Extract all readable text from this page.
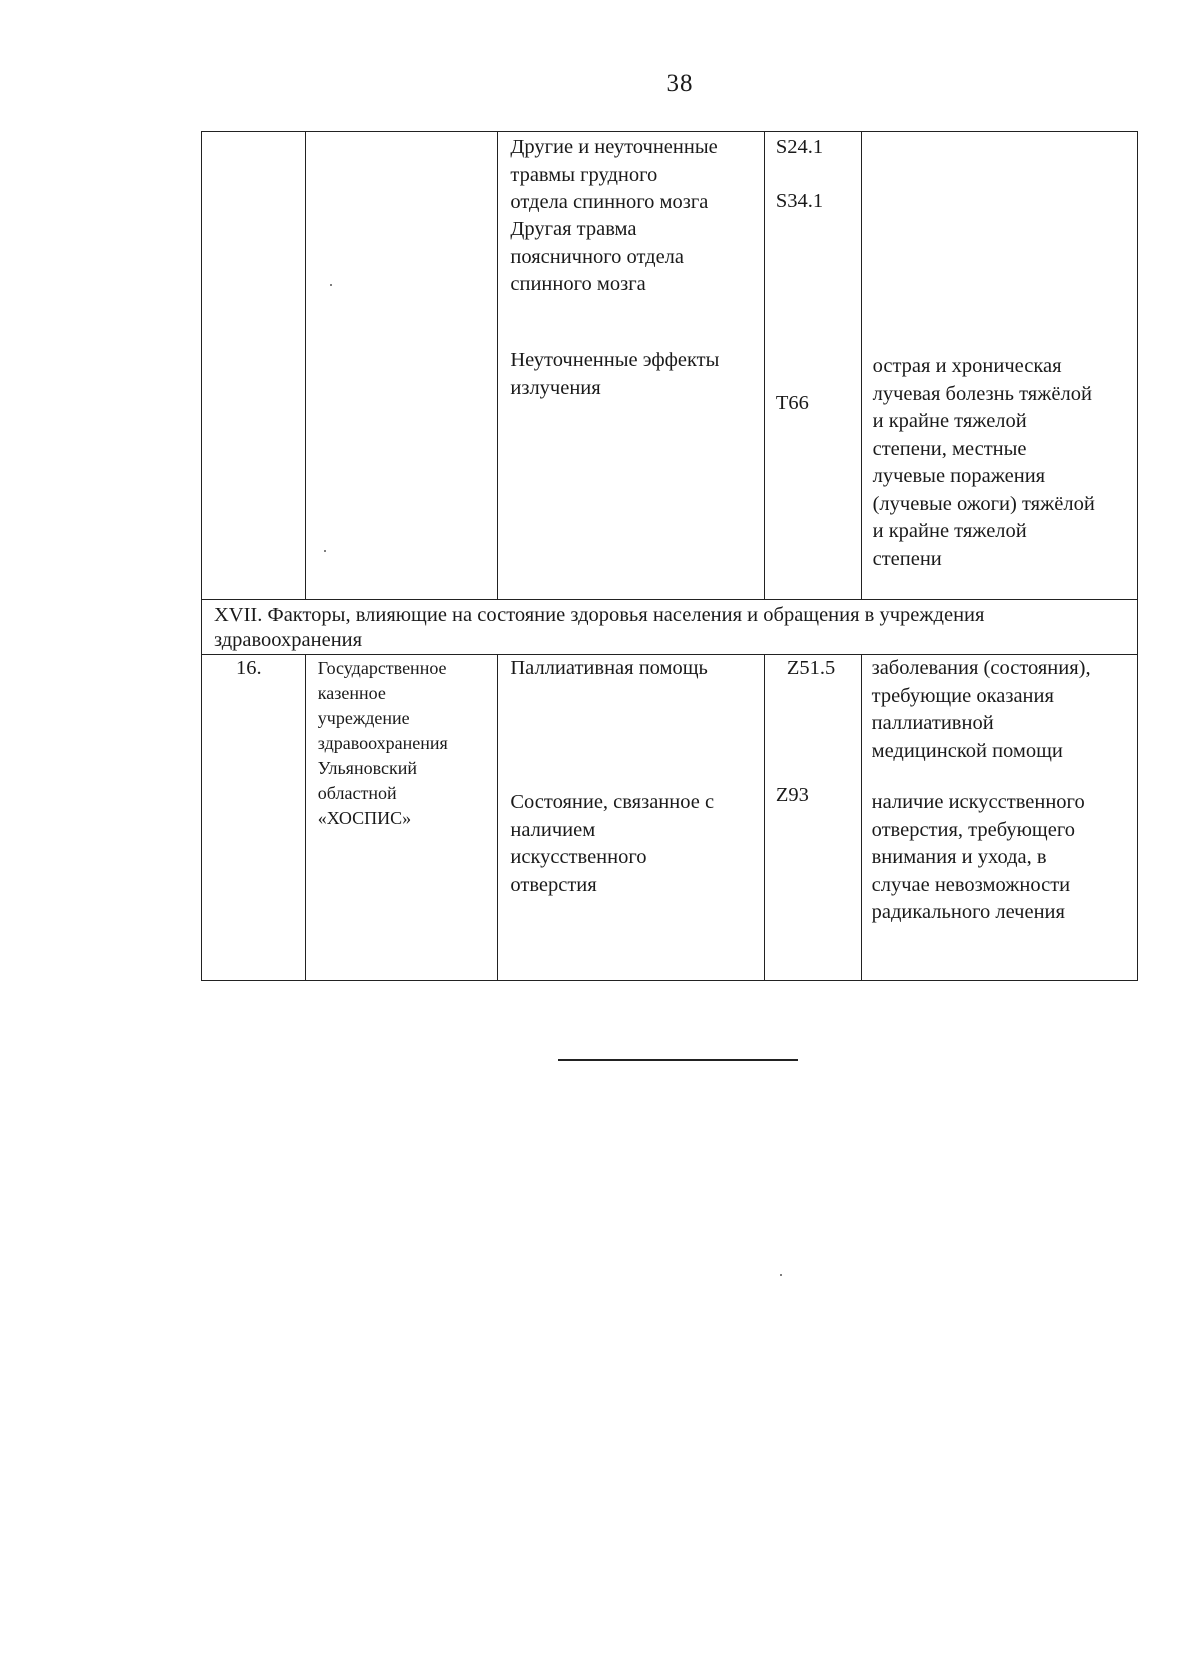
38
Другие и неуточненные
травмы грудного
отдела спинного мозга
Другая травма
поясничного отдела
спинного мозга
Неуточненные эффекты
излучения
S24.1
S34.1
T66
острая и хроническая
лучевая болезнь тяжёлой
и крайне тяжелой
степени, местные
лучевые поражения
(лучевые ожоги) тяжёлой
и крайне тяжелой
степени
XVII. Факторы, влияющие на состояние здоровья населения и обращения в учреждения
здравоохранения
16.	Государственное
казенное
учреждение
здравоохранения
Ульяновский
областной
«ХОСПИС»
Паллиативная помощь
Состояние, связанное с
наличием
искусственного
отверстия
Z51.5
Z93
заболевания (состояния),
требующие оказания
паллиативной
медицинской помощи
наличие искусственного
отверстия, требующего
внимания и ухода, в
случае невозможности
радикального лечения
